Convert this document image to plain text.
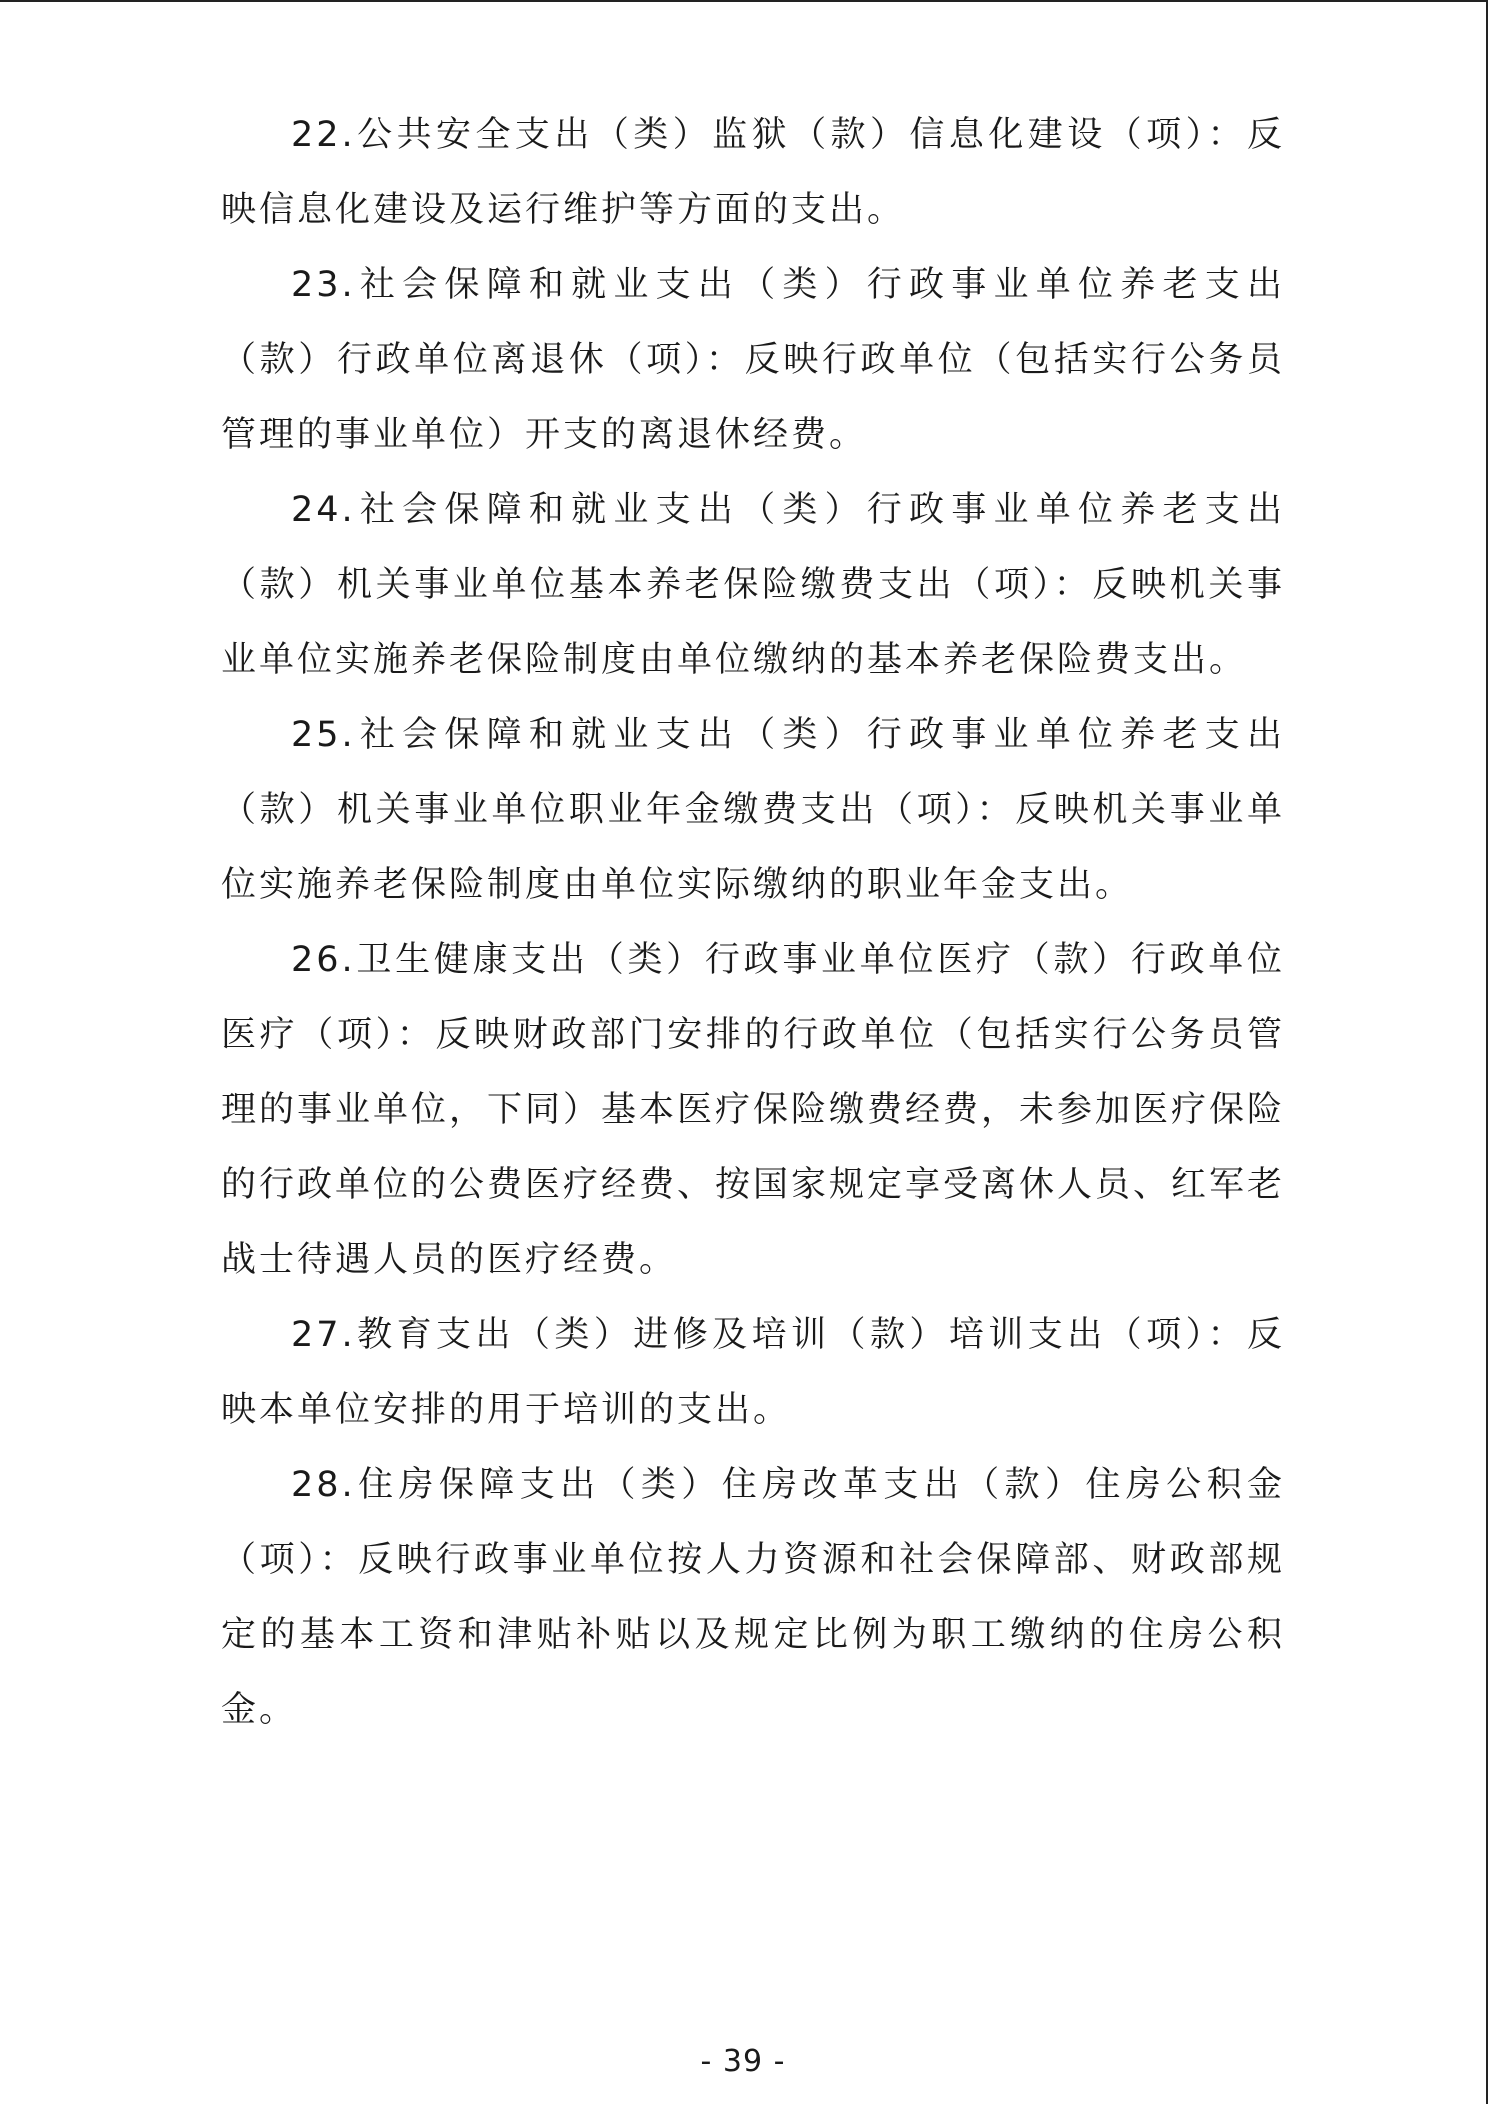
22.公共安全支出（类）监狱（款）信息化建设（项）：反映信息化建设及运行维护等方面的支出。

23.社会保障和就业支出（类）行政事业单位养老支出（款）行政单位离退休（项）：反映行政单位（包括实行公务员管理的事业单位）开支的离退休经费。

24.社会保障和就业支出（类）行政事业单位养老支出（款）机关事业单位基本养老保险缴费支出（项）：反映机关事业单位实施养老保险制度由单位缴纳的基本养老保险费支出。

25.社会保障和就业支出（类）行政事业单位养老支出（款）机关事业单位职业年金缴费支出（项）：反映机关事业单位实施养老保险制度由单位实际缴纳的职业年金支出。

26.卫生健康支出（类）行政事业单位医疗（款）行政单位医疗（项）：反映财政部门安排的行政单位（包括实行公务员管理的事业单位，下同）基本医疗保险缴费经费，未参加医疗保险的行政单位的公费医疗经费、按国家规定享受离休人员、红军老战士待遇人员的医疗经费。

27.教育支出（类）进修及培训（款）培训支出（项）：反映本单位安排的用于培训的支出。

28.住房保障支出（类）住房改革支出（款）住房公积金（项）：反映行政事业单位按人力资源和社会保障部、财政部规定的基本工资和津贴补贴以及规定比例为职工缴纳的住房公积金。

- 39 -
